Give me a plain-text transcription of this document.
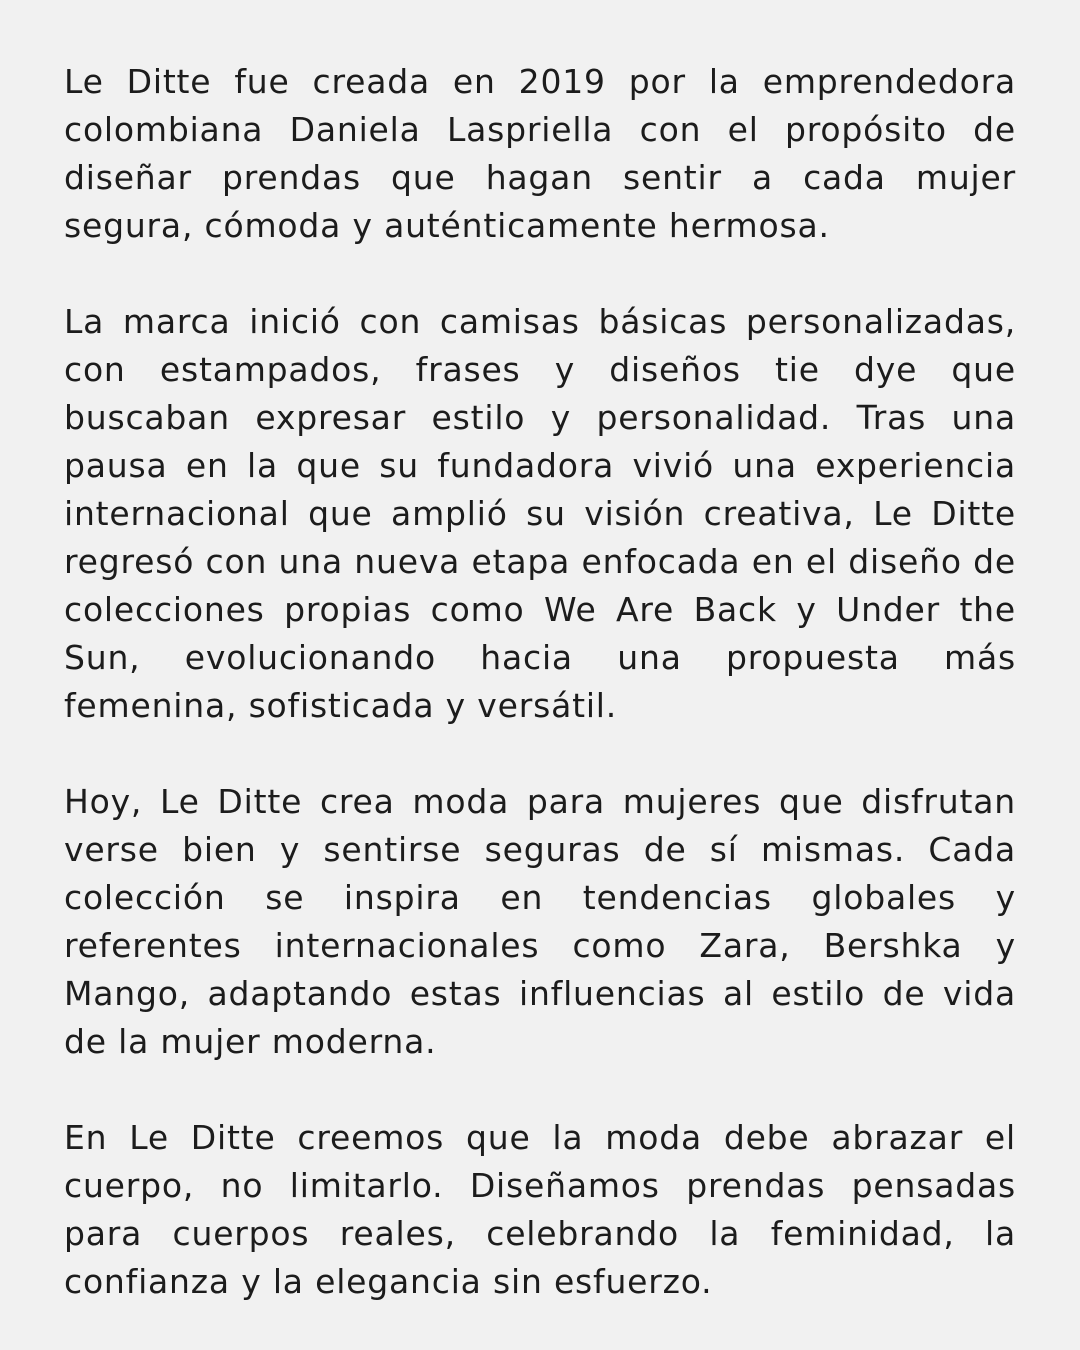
Le Ditte fue creada en 2019 por la emprendedora colombiana Daniela Laspriella con el propósito de diseñar prendas que hagan sentir a cada mujer segura, cómoda y auténticamente hermosa.

La marca inició con camisas básicas personalizadas, con estampados, frases y diseños tie dye que buscaban expresar estilo y personalidad. Tras una pausa en la que su fundadora vivió una experiencia internacional que amplió su visión creativa, Le Ditte regresó con una nueva etapa enfocada en el diseño de colecciones propias como We Are Back y Under the Sun, evolucionando hacia una propuesta más femenina, sofisticada y versátil.

Hoy, Le Ditte crea moda para mujeres que disfrutan verse bien y sentirse seguras de sí mismas. Cada colección se inspira en tendencias globales y referentes internacionales como Zara, Bershka y Mango, adaptando estas influencias al estilo de vida de la mujer moderna.

En Le Ditte creemos que la moda debe abrazar el cuerpo, no limitarlo. Diseñamos prendas pensadas para cuerpos reales, celebrando la feminidad, la confianza y la elegancia sin esfuerzo.
